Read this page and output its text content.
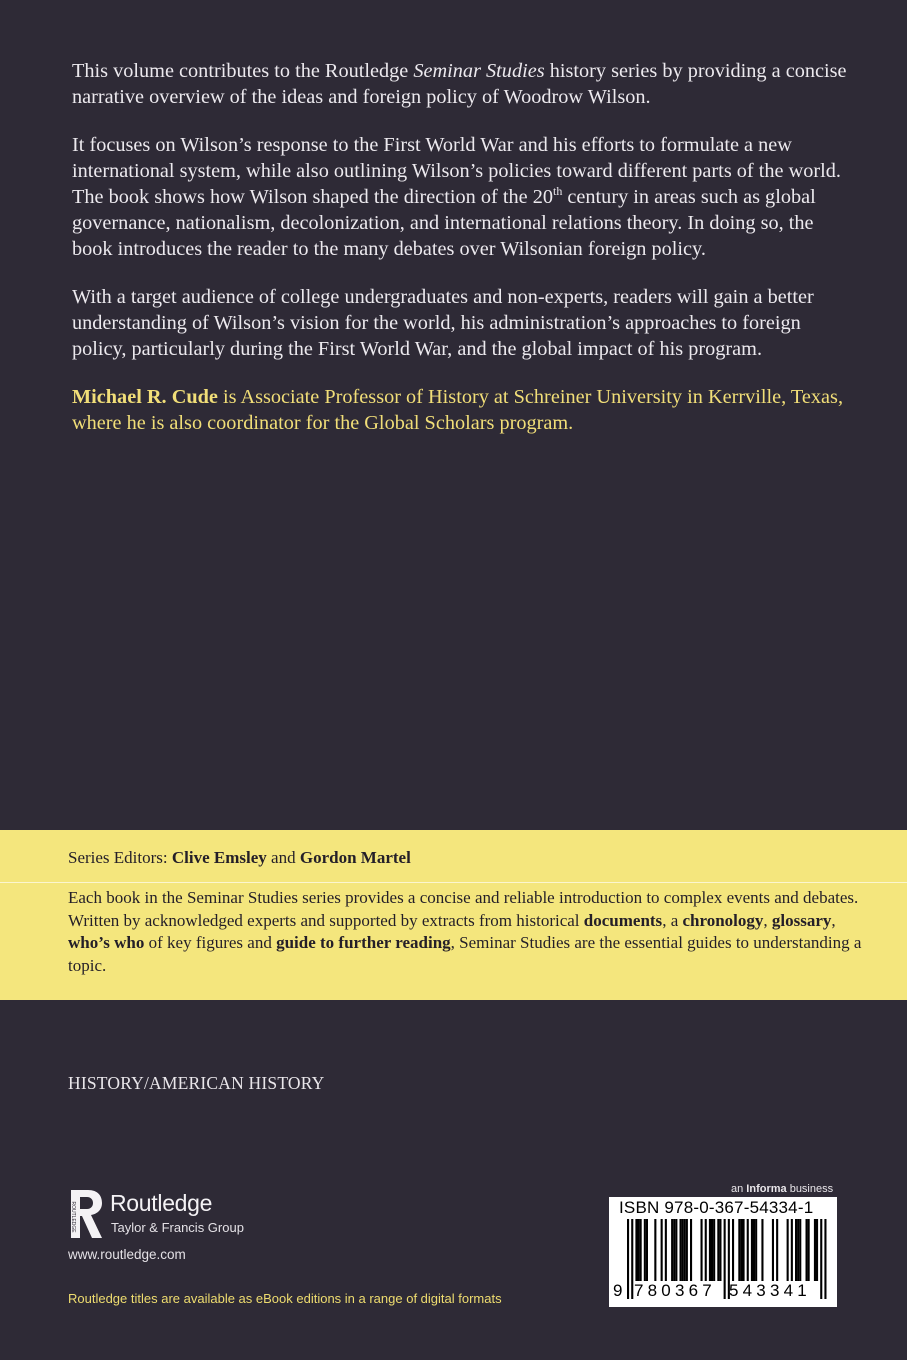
This volume contributes to the Routledge Seminar Studies history series by providing a concise narrative overview of the ideas and foreign policy of Woodrow Wilson.

It focuses on Wilson’s response to the First World War and his efforts to formulate a new international system, while also outlining Wilson’s policies toward different parts of the world. The book shows how Wilson shaped the direction of the 20th century in areas such as global governance, nationalism, decolonization, and international relations theory. In doing so, the book introduces the reader to the many debates over Wilsonian foreign policy.

With a target audience of college undergraduates and non-experts, readers will gain a better understanding of Wilson’s vision for the world, his administration’s approaches to foreign policy, particularly during the First World War, and the global impact of his program.

Michael R. Cude is Associate Professor of History at Schreiner University in Kerrville, Texas, where he is also coordinator for the Global Scholars program.

Series Editors: Clive Emsley and Gordon Martel
Each book in the Seminar Studies series provides a concise and reliable introduction to complex events and debates. Written by acknowledged experts and supported by extracts from historical documents, a chronology, glossary, who’s who of key figures and guide to further reading, Seminar Studies are the essential guides to understanding a topic.
HISTORY/AMERICAN HISTORY
ROUTLEDGE Routledge
Taylor & Francis Group
www.routledge.com
Routledge titles are available as eBook editions in a range of digital formats
an Informa business
ISBN 978-0-367-54334-1
9 780367 543341
